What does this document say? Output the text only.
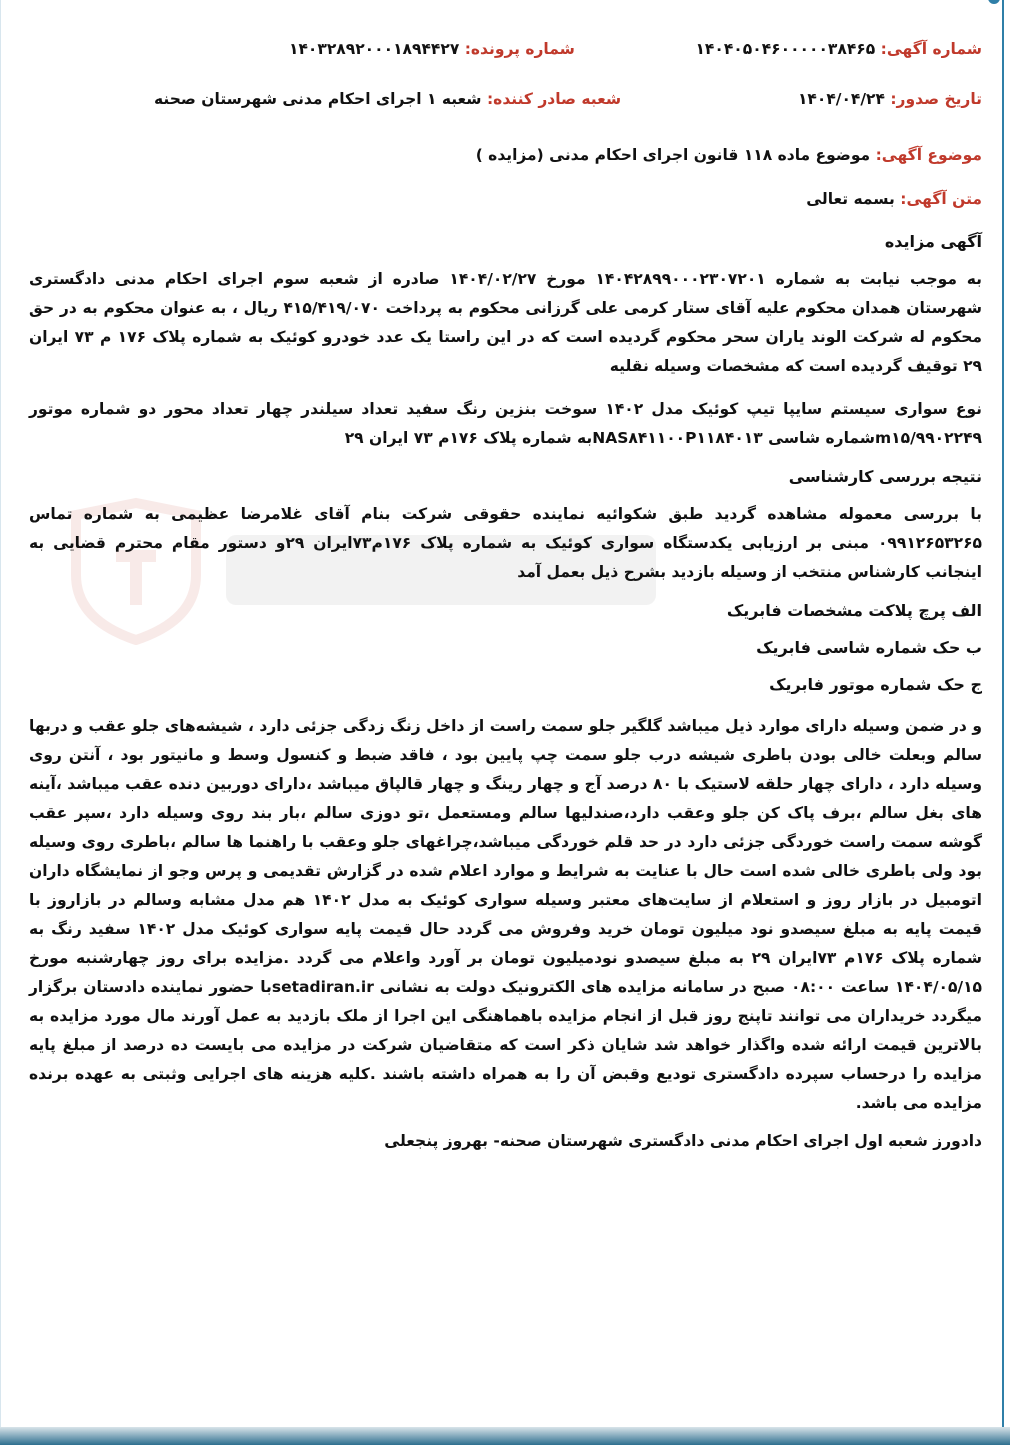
شماره آگهی: ۱۴۰۴۰۵۰۴۶۰۰۰۰۰۳۸۴۶۵
شماره پرونده: ۱۴۰۳۲۸۹۲۰۰۰۱۸۹۴۴۲۷
تاریخ صدور: ۱۴۰۴/۰۴/۲۴
شعبه صادر کننده: شعبه ۱ اجرای احکام مدنی شهرستان صحنه
موضوع آگهی: موضوع ماده ۱۱۸ قانون اجرای احکام مدنی (مزایده )
متن آگهی: بسمه تعالی
آگهی مزایده

به موجب نیابت به شماره ۱۴۰۴۲۸۹۹۰۰۰۲۳۰۷۲۰۱ مورخ ۱۴۰۴/۰۲/۲۷ صادره از شعبه سوم اجرای احکام مدنی دادگستری شهرستان همدان محکوم علیه آقای ستار کرمی علی گرزانی محکوم به پرداخت ۴۱۵/۴۱۹/۰۷۰ ریال ، به عنوان محکوم به در حق محکوم له شرکت الوند یاران سحر محکوم گردیده است که در این راستا یک عدد خودرو کوئیک به شماره پلاک ۱۷۶ م ۷۳ ایران ۲۹ توقیف گردیده است که مشخصات وسیله نقلیه

نوع سواری سیستم سایپا تیپ کوئیک مدل ۱۴۰۲ سوخت بنزین رنگ سفید تعداد سیلندر چهار تعداد محور دو شماره موتور m۱۵/۹۹۰۲۲۴۹شماره شاسی NAS۸۴۱۱۰۰P۱۱۸۴۰۱۳به شماره پلاک ۱۷۶م ۷۳ ایران ۲۹

نتیجه بررسی کارشناسی

با بررسی معموله مشاهده گردید طبق شکوائیه نماینده حقوقی شرکت بنام آقای غلامرضا عظیمی به شماره تماس ۰۹۹۱۲۶۵۳۲۶۵ مبنی بر ارزیابی یکدستگاه سواری کوئیک به شماره پلاک ۱۷۶م۷۳ایران ۲۹و دستور مقام محترم قضایی به اینجانب کارشناس منتخب از وسیله بازدید بشرح ذیل بعمل آمد

الف پرچ پلاکت مشخصات فابریک
ب حک شماره شاسی فابریک
ج حک شماره موتور فابریک

و در ضمن وسیله دارای موارد ذیل میباشد گلگیر جلو سمت راست از داخل زنگ زدگی جزئی دارد ، شیشه‌های جلو عقب و دربها سالم وبعلت خالی بودن باطری شیشه درب جلو سمت چپ پایین بود ، فاقد ضبط و کنسول وسط و مانیتور بود ، آنتن روی وسیله دارد ، دارای چهار حلقه لاستیک با ۸۰ درصد آج و چهار رینگ و چهار قالپاق میباشد ،دارای دوربین دنده عقب میباشد ،آینه های بغل سالم ،برف پاک کن جلو وعقب دارد،صندلیها سالم ومستعمل ،تو دوزی سالم ،بار بند روی وسیله دارد ،سپر عقب گوشه سمت راست خوردگی جزئی دارد در حد قلم خوردگی میباشد،چراغهای جلو وعقب با راهنما ها سالم ،باطری روی وسیله بود ولی باطری خالی شده است حال با عنایت به شرایط و موارد اعلام شده در گزارش تقدیمی و پرس وجو از نمایشگاه داران اتومبیل در بازار روز و استعلام از سایت‌های معتبر وسیله سواری کوئیک به مدل ۱۴۰۲ هم مدل مشابه وسالم در بازاروز با قیمت پایه به مبلغ سیصدو نود میلیون تومان خرید وفروش می گردد حال قیمت پایه سواری کوئیک مدل ۱۴۰۲ سفید رنگ به شماره پلاک ۱۷۶م ۷۳ایران ۲۹ به مبلغ سیصدو نودمیلیون تومان بر آورد واعلام می گردد .مزایده برای روز چهارشنبه مورخ ۱۴۰۴/۰۵/۱۵ ساعت ۰۸:۰۰ صبح در سامانه مزایده های الکترونیک دولت به نشانی setadiran.irبا حضور نماینده دادستان برگزار میگردد خریداران می توانند تاپنج روز قبل از انجام مزایده باهماهنگی این اجرا از ملک بازدید به عمل آورند مال مورد مزایده به بالاترین قیمت ارائه شده واگذار خواهد شد شایان ذکر است که متقاضیان شرکت در مزایده می بایست ده درصد از مبلغ پایه مزایده را درحساب سپرده دادگستری تودیع وقبض آن را به همراه داشته باشند .کلیه هزینه های اجرایی وثبتی به عهده برنده مزایده می باشد.

دادورز شعبه اول اجرای احکام مدنی دادگستری شهرستان صحنه- بهروز پنجعلی
